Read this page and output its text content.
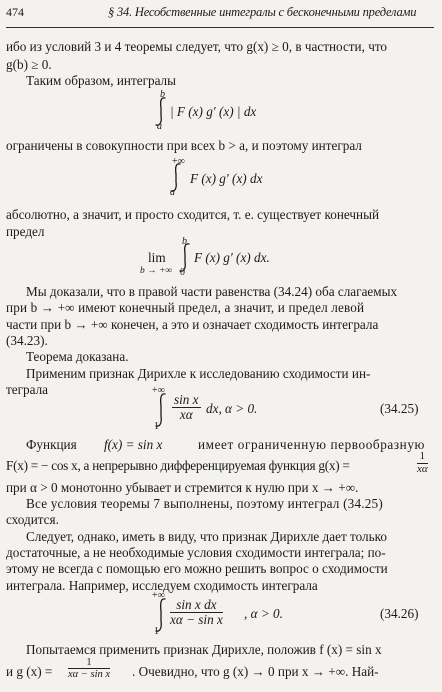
474	§ 34. Несобственные интегралы с бесконечными пределами
ибо из условий 3 и 4 теоремы следует, что g(x) ≥ 0, в частности, что
g(b) ≥ 0.
Таким образом, интегралы
b
a
| F (x) g′ (x) | dx
ограничены в совокупности при всех b > a, и поэтому интеграл
+∞
a
F (x) g′ (x) dx
абсолютно, а значит, и просто сходится, т. е. существует конечный
предел
lim
b → +∞
b
0
F (x) g′ (x) dx.
Мы доказали, что в правой части равенства (34.24) оба слагаемых
при b → +∞ имеют конечный предел, а значит, и предел левой
части при b → +∞ конечен, а это и означает сходимость интеграла
(34.23).
Теорема доказана.
Применим признак Дирихле к исследованию сходимости ин-
теграла	+∞
1
$\frac{\text{sin x}}{x\alpha}$ dx, α > 0.	(34.25)
Функция f(x) = sin x	имеет ограниченную первообразную
F(x) = − cos x, а непрерывно дифференцируемая функция g(x) =	$\frac{1}{x\alpha}$
при α > 0 монотонно убывает и стремится к нулю при x → +∞.
Все условия теоремы 7 выполнены, поэтому интеграл (34.25)
сходится.
Следует, однако, иметь в виду, что признак Дирихле дает только
достаточные, а не необходимые условия сходимости интеграла; по-
этому не всегда с помощью его можно решить вопрос о сходимости
интеграла. Например, исследуем сходимость интеграла
+∞
1
$\frac{\text{sin x dx}}{\text{xα − sin x}}$ , α > 0.	(34.26)
Попытаемся применить признак Дирихле, положив f (x) = sin x
и g $(x) = \frac{1}{\text{xα − sin x}}$ . Очевидно, что g (x) → 0 при x → +∞. Най-
